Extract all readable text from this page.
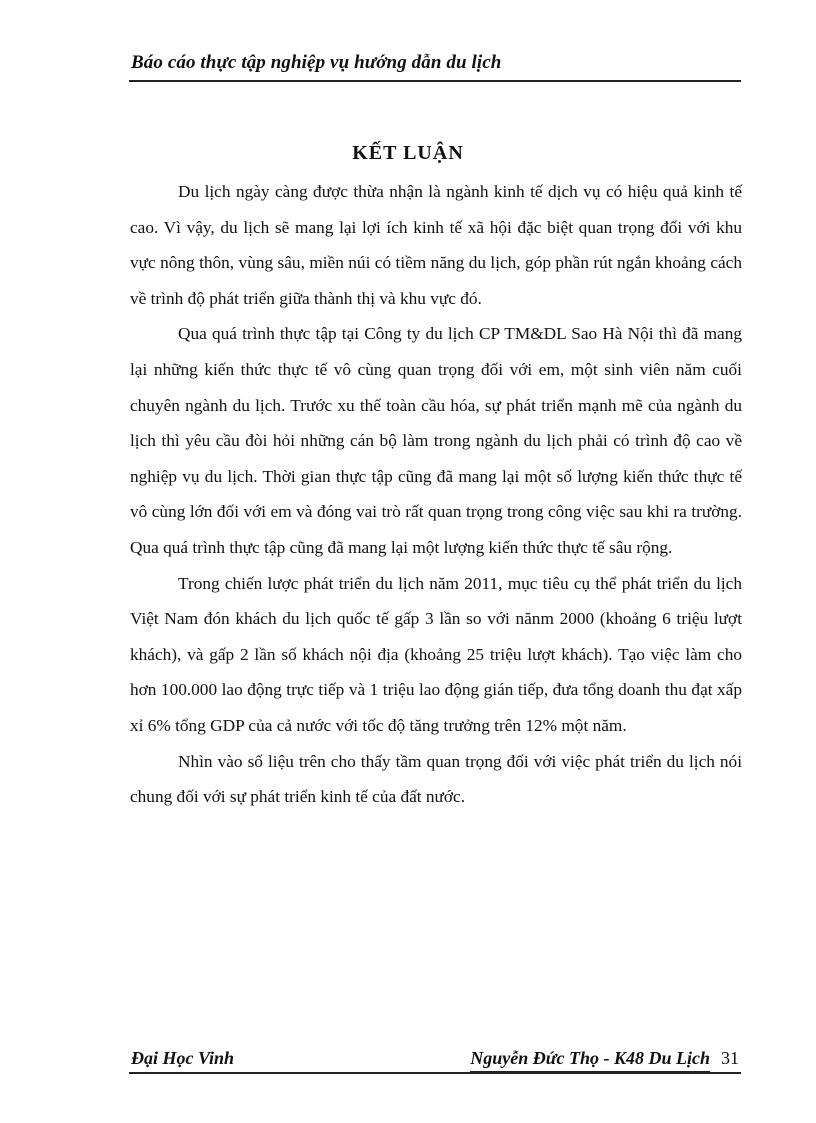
Báo cáo thực tập nghiệp vụ hướng dẫn du lịch
KẾT LUẬN

Du lịch ngày càng được thừa nhận là ngành kinh tế dịch vụ có hiệu quả kinh tế cao. Vì vậy, du lịch sẽ mang lại lợi ích kinh tế xã hội đặc biệt quan trọng đối với khu vực nông thôn, vùng sâu, miền núi có tiềm năng du lịch, góp phần rút ngắn khoảng cách về trình độ phát triển giữa thành thị và khu vực đó.

Qua quá trình thực tập tại Công ty du lịch CP TM&DL Sao Hà Nội thì đã mang lại những kiến thức thực tế vô cùng quan trọng đối với em, một sinh viên năm cuối chuyên ngành du lịch. Trước xu thế toàn cầu hóa, sự phát triển mạnh mẽ của ngành du lịch thì yêu cầu đòi hỏi những cán bộ làm trong ngành du lịch phải có trình độ cao về nghiệp vụ du lịch. Thời gian thực tập cũng đã mang lại một số lượng kiến thức thực tế vô cùng lớn đối với em và đóng vai trò rất quan trọng trong công việc sau khi ra trường. Qua quá trình thực tập cũng đã mang lại một lượng kiến thức thực tế sâu rộng.

Trong chiến lược phát triển du lịch năm 2011, mục tiêu cụ thể phát triển du lịch Việt Nam đón khách du lịch quốc tế gấp 3 lần so với nănm 2000 (khoảng 6 triệu lượt khách), và gấp 2 lần số khách nội địa (khoảng 25 triệu lượt khách). Tạo việc làm cho hơn 100.000 lao động trực tiếp và 1 triệu lao động gián tiếp, đưa tổng doanh thu đạt xấp xỉ 6% tổng GDP của cả nước với tốc độ tăng trưởng trên 12% một năm.

Nhìn vào số liệu trên cho thấy tầm quan trọng đối với việc phát triển du lịch nói chung đối với sự phát triển kinh tế của đất nước.

Đại Học Vinh	Nguyễn Đức Thọ - K48 Du Lịch 31
